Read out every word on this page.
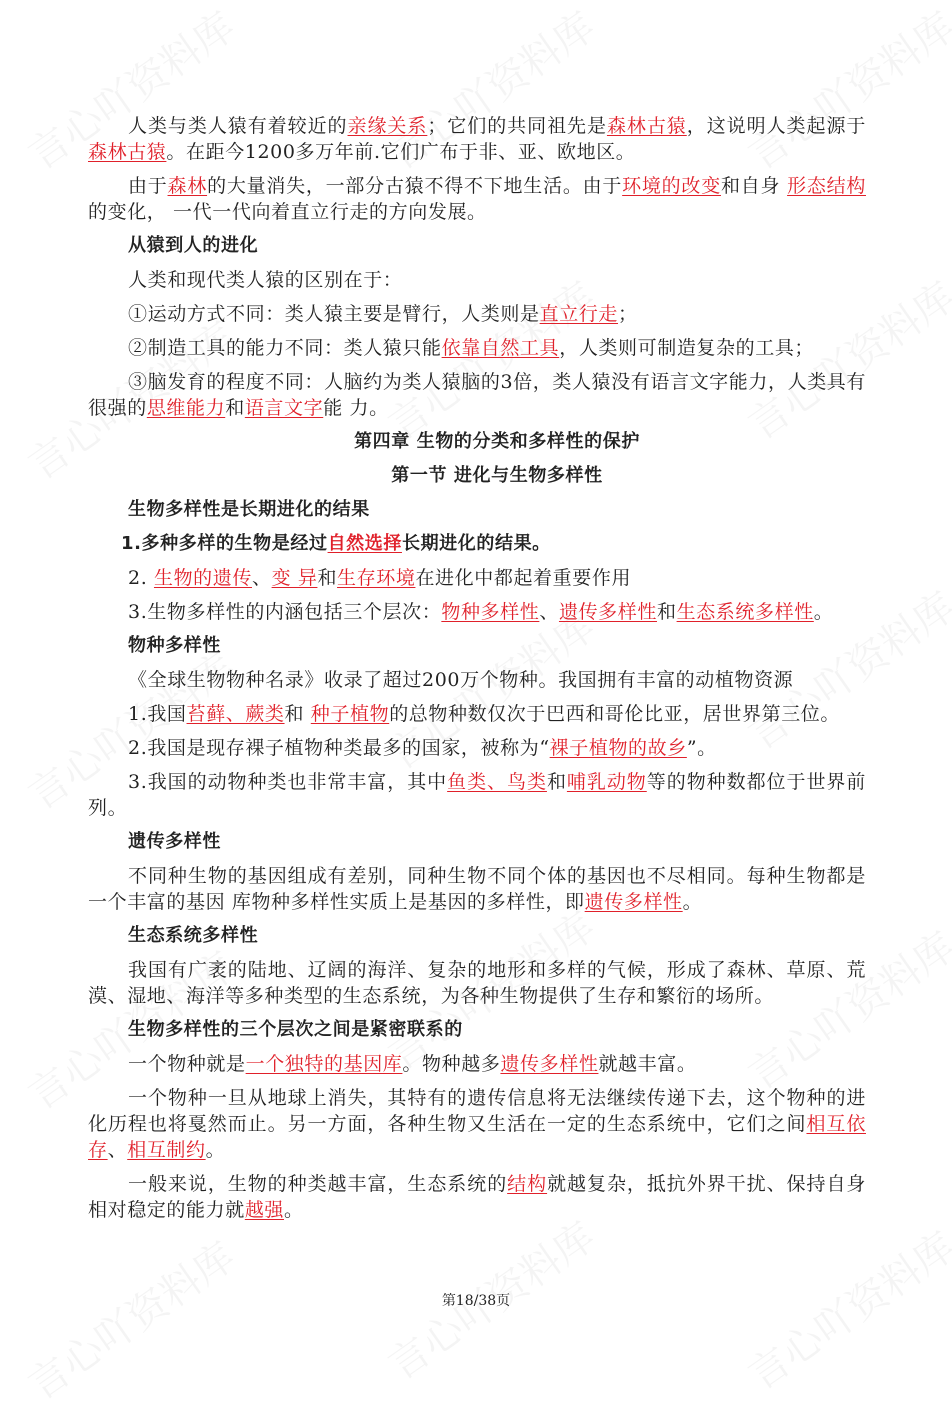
人类与类人猿有着较近的亲缘关系；它们的共同祖先是森林古猿，这说明人类起源于森林古猿。在距今1200多万年前.它们广布于非、亚、欧地区。
由于森林的大量消失，一部分古猿不得不下地生活。由于环境的改变和自身 形态结构的变化， 一代一代向着直立行走的方向发展。
从猿到人的进化
人类和现代类人猿的区别在于：
①运动方式不同：类人猿主要是臂行，人类则是直立行走；
②制造工具的能力不同：类人猿只能依靠自然工具，人类则可制造复杂的工具；
③脑发育的程度不同：人脑约为类人猿脑的3倍，类人猿没有语言文字能力，人类具有很强的思维能力和语言文字能 力。
第四章 生物的分类和多样性的保护
第一节 进化与生物多样性
生物多样性是长期进化的结果
1.多种多样的生物是经过自然选择长期进化的结果。
2. 生物的遗传、变 异和生存环境在进化中都起着重要作用
3.生物多样性的内涵包括三个层次：物种多样性、遗传多样性和生态系统多样性。
物种多样性
《全球生物物种名录》收录了超过200万个物种。我国拥有丰富的动植物资源
1.我国苔藓、蕨类和 种子植物的总物种数仅次于巴西和哥伦比亚，居世界第三位。
2.我国是现存裸子植物种类最多的国家，被称为“裸子植物的故乡”。
3.我国的动物种类也非常丰富，其中鱼类、鸟类和哺乳动物等的物种数都位于世界前列。
遗传多样性
不同种生物的基因组成有差别，同种生物不同个体的基因也不尽相同。每种生物都是一个丰富的基因 库物种多样性实质上是基因的多样性，即遗传多样性。
生态系统多样性
我国有广袤的陆地、辽阔的海洋、复杂的地形和多样的气候，形成了森林、草原、荒漠、湿地、海洋等多种类型的生态系统，为各种生物提供了生存和繁衍的场所。
生物多样性的三个层次之间是紧密联系的
一个物种就是一个独特的基因库。物种越多遗传多样性就越丰富。
一个物种一旦从地球上消失，其特有的遗传信息将无法继续传递下去，这个物种的进化历程也将戛然而止。另一方面，各种生物又生活在一定的生态系统中，它们之间相互依存、相互制约。
一般来说，生物的种类越丰富，生态系统的结构就越复杂，抵抗外界干扰、保持自身相对稳定的能力就越强。
第18/38页
